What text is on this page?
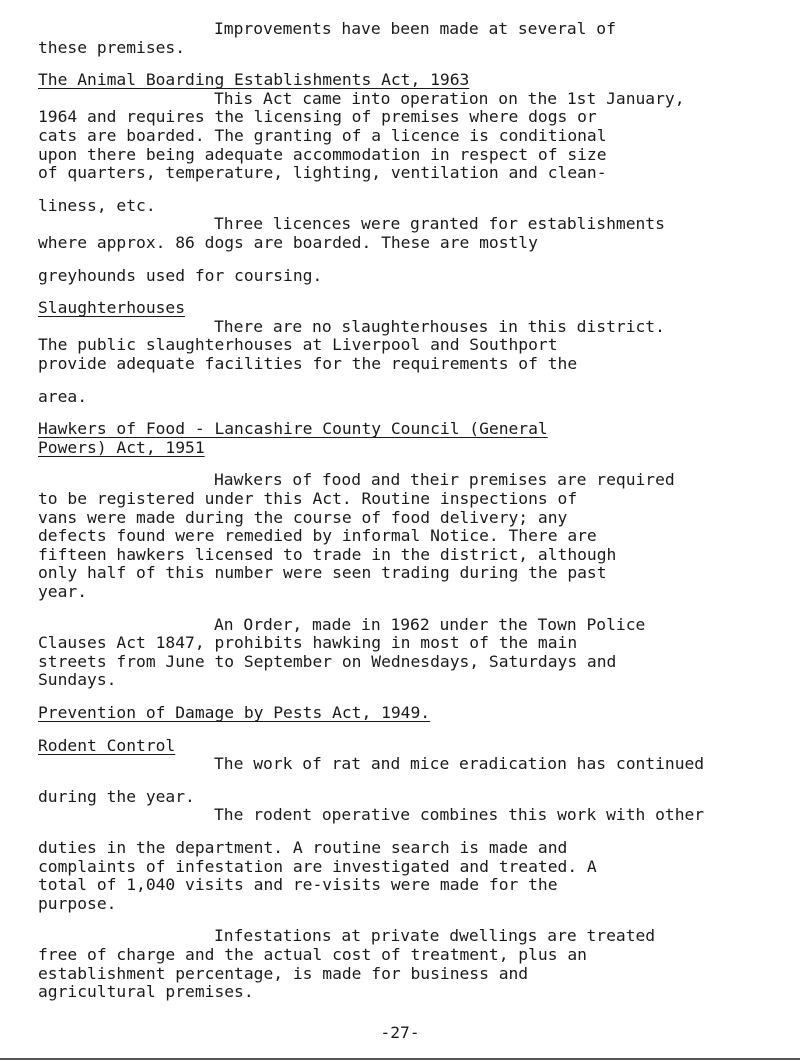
Improvements have been made at several of
these premises.
The Animal Boarding Establishments Act, 1963
This Act came into operation on the 1st January,
1964 and requires the licensing of premises where dogs or
cats are boarded. The granting of a licence is conditional
upon there being adequate accommodation in respect of size
of quarters, temperature, lighting, ventilation and clean-
liness, etc.
Three licences were granted for establishments
where approx. 86 dogs are boarded. These are mostly
greyhounds used for coursing.
Slaughterhouses
There are no slaughterhouses in this district.
The public slaughterhouses at Liverpool and Southport
provide adequate facilities for the requirements of the
area.
Hawkers of Food - Lancashire County Council (General
Powers) Act, 1951
Hawkers of food and their premises are required
to be registered under this Act. Routine inspections of
vans were made during the course of food delivery; any
defects found were remedied by informal Notice. There are
fifteen hawkers licensed to trade in the district, although
only half of this number were seen trading during the past
year.
An Order, made in 1962 under the Town Police
Clauses Act 1847, prohibits hawking in most of the main
streets from June to September on Wednesdays, Saturdays and
Sundays.
Prevention of Damage by Pests Act, 1949.
Rodent Control
The work of rat and mice eradication has continued
during the year.
The rodent operative combines this work with other
duties in the department. A routine search is made and
complaints of infestation are investigated and treated. A
total of 1,040 visits and re-visits were made for the
purpose.
Infestations at private dwellings are treated
free of charge and the actual cost of treatment, plus an
establishment percentage, is made for business and
agricultural premises.
-27-
